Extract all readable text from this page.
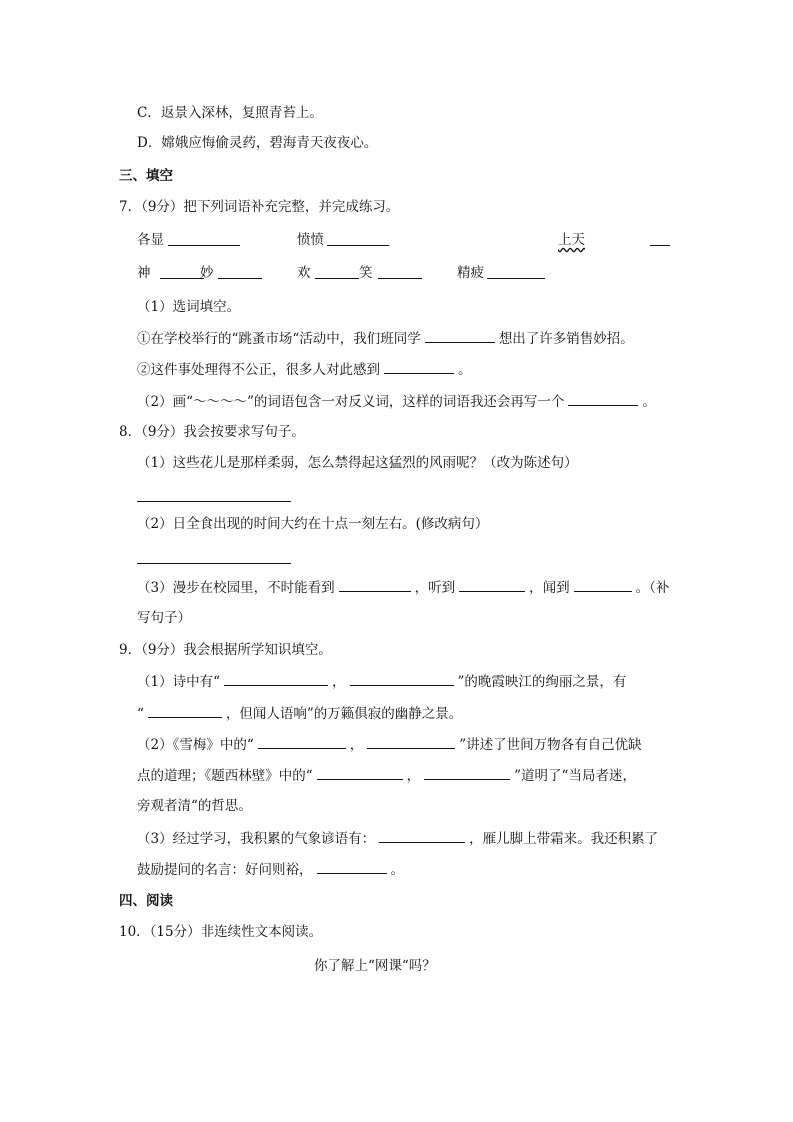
C．返景入深林，复照青苔上。
D．嫦娥应悔偷灵药，碧海青天夜夜心。
三、填空
7．（9分）把下列词语补充完整，并完成练习。
各显	愤愤	上天
神	妙	欢	笑	精疲
（1）选词填空。
①在学校举行的“跳蚤市场“活动中，我们班同学	想出了许多销售妙招。
②这件事处理得不公正，很多人对此感到	。
（2）画“～～～～”的词语包含一对反义词，这样的词语我还会再写一个	。
8．（9分）我会按要求写句子。
（1）这些花儿是那样柔弱，怎么禁得起这猛烈的风雨呢？（改为陈述句）
（2）日全食出现的时间大约在十点一刻左右。(修改病句）
（3）漫步在校园里，不时能看到	，听到	，闻到	。（补
写句子）
9．（9分）我会根据所学知识填空。
（1）诗中有“	，	”的晚霞映江的绚丽之景，有
“	，但闻人语响”的万籁俱寂的幽静之景。
（2）《雪梅》中的“	，	”讲述了世间万物各有自己优缺
点的道理；《题西林壁》中的“	，	”道明了“当局者迷，
旁观者清“的哲思。
（3）经过学习，我积累的气象谚语有：	，雁儿脚上带霜来。我还积累了
鼓励提问的名言：好问则裕，	。
四、阅读
10．（15分）非连续性文本阅读。
你了解上“网课“吗？
